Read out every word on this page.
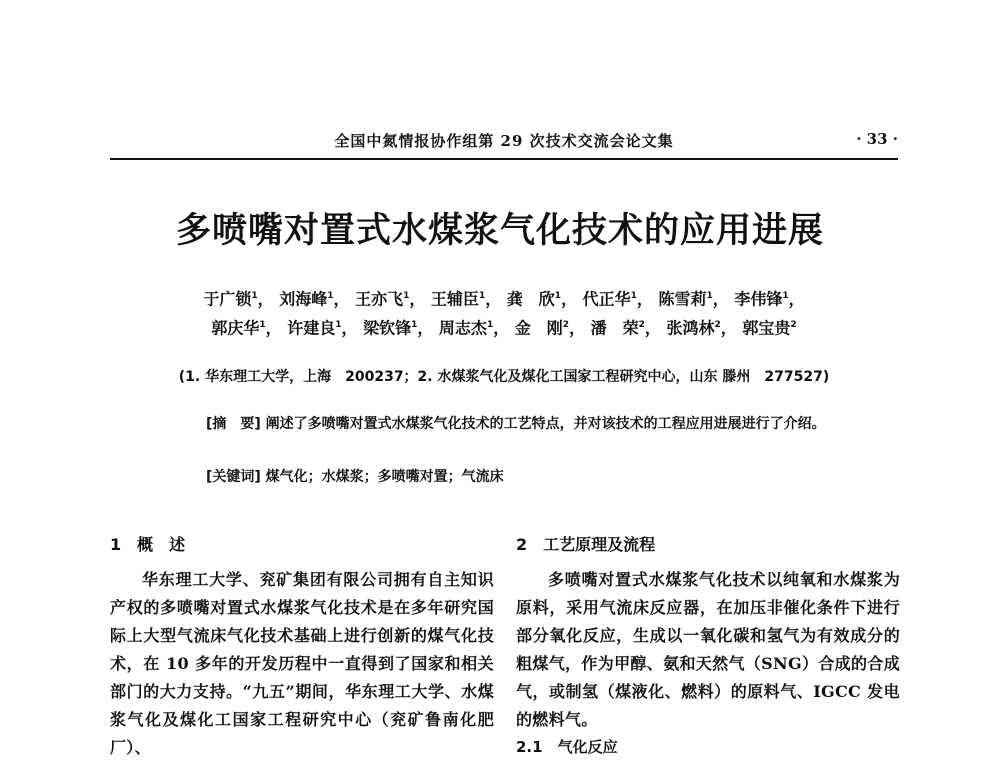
全国中氮情报协作组第 29 次技术交流会论文集	· 33 ·
多喷嘴对置式水煤浆气化技术的应用进展
于广锁$^1$， 刘海峰$^1$， 王亦飞$^1$， 王辅臣$^1$， 龚　欣$^1$， 代正华$^1$， 陈雪莉$^1$， 李伟锋$^1$，
郭庆华$^1$， 许建良$^1$， 梁钦锋$^1$， 周志杰$^1$， 金　刚$^2$， 潘　荣$^2$， 张鸿林$^2$， 郭宝贵$^2$
(1. 华东理工大学，上海　200237；2. 水煤浆气化及煤化工国家工程研究中心，山东 滕州　277527)

[摘　要] 阐述了多喷嘴对置式水煤浆气化技术的工艺特点，并对该技术的工程应用进展进行了介绍。

[关键词] 煤气化；水煤浆；多喷嘴对置；气流床
1　概　述

华东理工大学、兖矿集团有限公司拥有自主知识产权的多喷嘴对置式水煤浆气化技术是在多年研究国际上大型气流床气化技术基础上进行创新的煤气化技术，在 10 多年的开发历程中一直得到了国家和相关部门的大力支持。“九五”期间，华东理工大学、水煤浆气化及煤化工国家工程研究中心（兖矿鲁南化肥厂）、

2　工艺原理及流程

多喷嘴对置式水煤浆气化技术以纯氧和水煤浆为原料，采用气流床反应器，在加压非催化条件下进行部分氧化反应，生成以一氧化碳和氢气为有效成分的粗煤气，作为甲醇、氨和天然气（SNG）合成的合成气，或制氢（煤液化、燃料）的原料气、IGCC 发电的燃料气。

2.1　气化反应
